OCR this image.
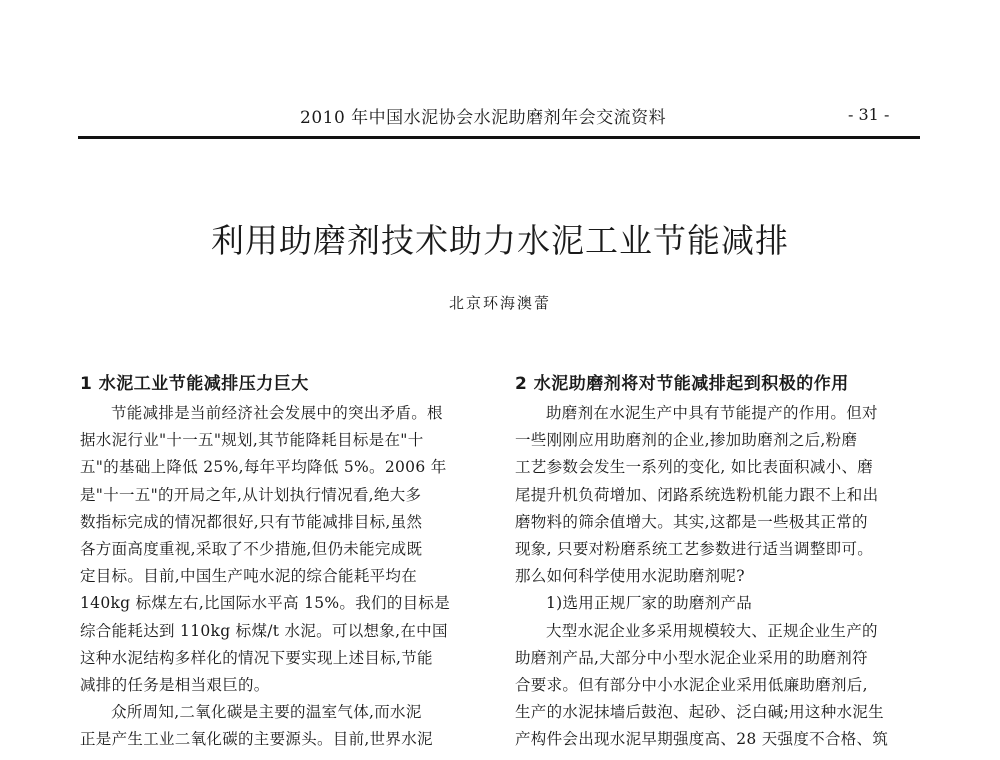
2010 年中国水泥协会水泥助磨剂年会交流资料	- 31 -
利用助磨剂技术助力水泥工业节能减排
北京环海澳蕾
1 水泥工业节能减排压力巨大
节能减排是当前经济社会发展中的突出矛盾。根
据水泥行业"十一五"规划,其节能降耗目标是在"十
五"的基础上降低 25%,每年平均降低 5%。2006 年
是"十一五"的开局之年,从计划执行情况看,绝大多
数指标完成的情况都很好,只有节能减排目标,虽然
各方面高度重视,采取了不少措施,但仍未能完成既
定目标。目前,中国生产吨水泥的综合能耗平均在
140kg 标煤左右,比国际水平高 15%。我们的目标是
综合能耗达到 110kg 标煤/t 水泥。可以想象,在中国
这种水泥结构多样化的情况下要实现上述目标,节能
减排的任务是相当艰巨的。
众所周知,二氧化碳是主要的温室气体,而水泥
正是产生工业二氧化碳的主要源头。目前,世界水泥
2 水泥助磨剂将对节能减排起到积极的作用
助磨剂在水泥生产中具有节能提产的作用。但对
一些刚刚应用助磨剂的企业,掺加助磨剂之后,粉磨
工艺参数会发生一系列的变化, 如比表面积减小、磨
尾提升机负荷增加、闭路系统选粉机能力跟不上和出
磨物料的筛余值增大。其实,这都是一些极其正常的
现象, 只要对粉磨系统工艺参数进行适当调整即可。
那么如何科学使用水泥助磨剂呢?
1)选用正规厂家的助磨剂产品
大型水泥企业多采用规模较大、正规企业生产的
助磨剂产品,大部分中小型水泥企业采用的助磨剂符
合要求。但有部分中小水泥企业采用低廉助磨剂后,
生产的水泥抹墙后鼓泡、起砂、泛白碱;用这种水泥生
产构件会出现水泥早期强度高、28 天强度不合格、筑
